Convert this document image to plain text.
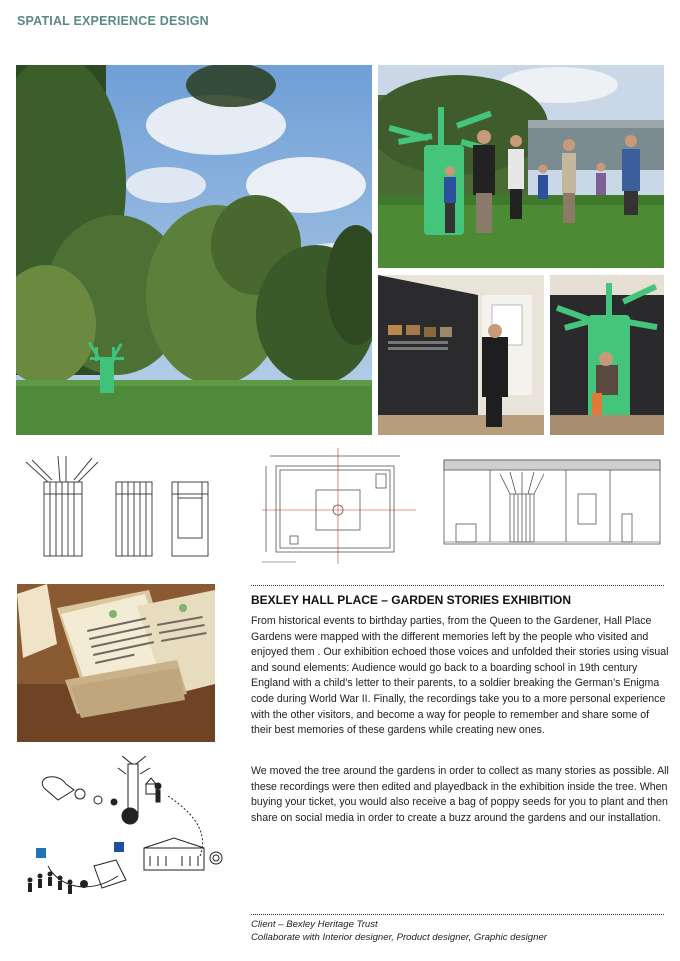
SPATIAL EXPERIENCE DESIGN
BEXLEY HALL PLACE – GARDEN STORIES EXHIBITION
From historical events to birthday parties, from the Queen to the Gardener, Hall Place Gardens were mapped with the different memories left by the people who visited and enjoyed them . Our exhibition echoed those voices and unfolded their stories using visual and sound elements: Audience would go back to a boarding school in 19th century England with a child’s letter to their parents, to a soldier breaking the German’s Enigma code during World War II. Finally, the recordings take you to a more personal experience with the other visitors, and become a way for people to remember and share some of their best memories of these gardens while creating new ones.
We moved the tree around the gardens in order to collect as many stories as possible. All these recordings were then edited and playedback in the exhibition inside the tree. When buying your ticket, you would also receive a bag of poppy seeds for you to plant and then share on social media in order to create a buzz around the gardens and our installation.
Client – Bexley Heritage Trust
Collaborate with Interior designer, Product designer, Graphic designer
